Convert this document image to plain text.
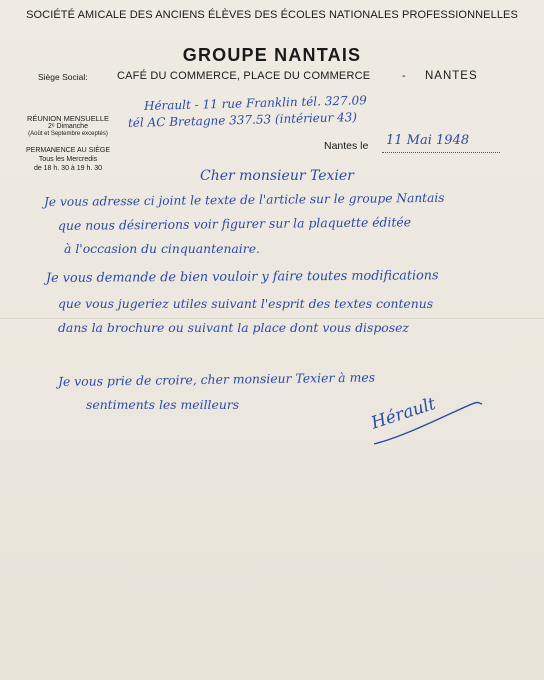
SOCIÉTÉ AMICALE DES ANCIENS ÉLÈVES DES ÉCOLES NATIONALES PROFESSIONNELLES
GROUPE NANTAIS
Siège Social:	CAFÉ DU COMMERCE, PLACE DU COMMERCE	- NANTES
RÉUNION MENSUELLE
2ᵉ Dimanche
(Août et Septembre exceptés)
PERMANENCE AU SIÈGE
Tous les Mercredis
de 18 h. 30 à 19 h. 30
Hérault - 11 rue Franklin tél. 327.09
tél AC Bretagne 337.53 (intérieur 43)
Nantes le 11 Mai 1948
Cher monsieur Texier
Je vous adresse ci joint le texte de l'article sur le groupe Nantais
que nous désirerions voir figurer sur la plaquette éditée
à l'occasion du cinquantenaire.
Je vous demande de bien vouloir y faire toutes modifications
que vous jugeriez utiles suivant l'esprit des textes contenus
dans la brochure ou suivant la place dont vous disposez
Je vous prie de croire, cher monsieur Texier à mes
sentiments les meilleurs	Hérault
